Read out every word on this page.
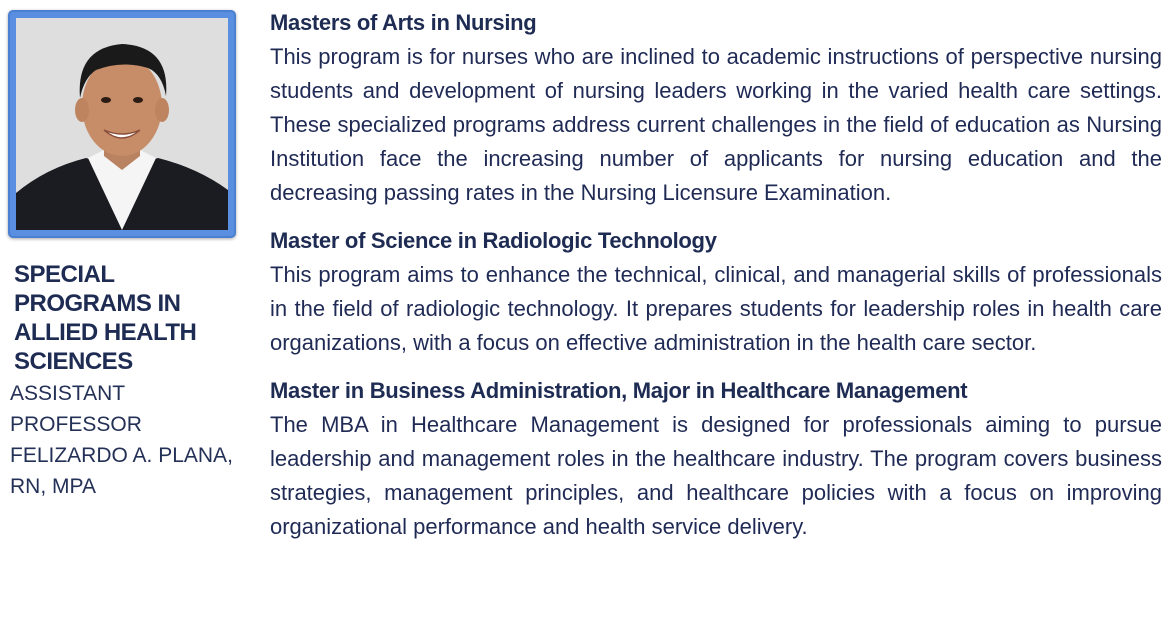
SPECIAL
PROGRAMS IN
ALLIED HEALTH
SCIENCES
ASSISTANT
PROFESSOR
FELIZARDO A. PLANA,
RN, MPA
Masters of Arts in Nursing

This program is for nurses who are inclined to academic instructions of perspective nursing students and development of nursing leaders working in the varied health care settings. These specialized programs address current challenges in the field of education as Nursing Institution face the increasing number of applicants for nursing education and the decreasing passing rates in the Nursing Licensure Examination.

Master of Science in Radiologic Technology

This program aims to enhance the technical, clinical, and managerial skills of professionals in the field of radiologic technology. It prepares students for leadership roles in health care organizations, with a focus on effective administration in the health care sector.

Master in Business Administration, Major in Healthcare Management

The MBA in Healthcare Management is designed for professionals aiming to pursue leadership and management roles in the healthcare industry. The program covers business strategies, management principles, and healthcare policies with a focus on improving organizational performance and health service delivery.
